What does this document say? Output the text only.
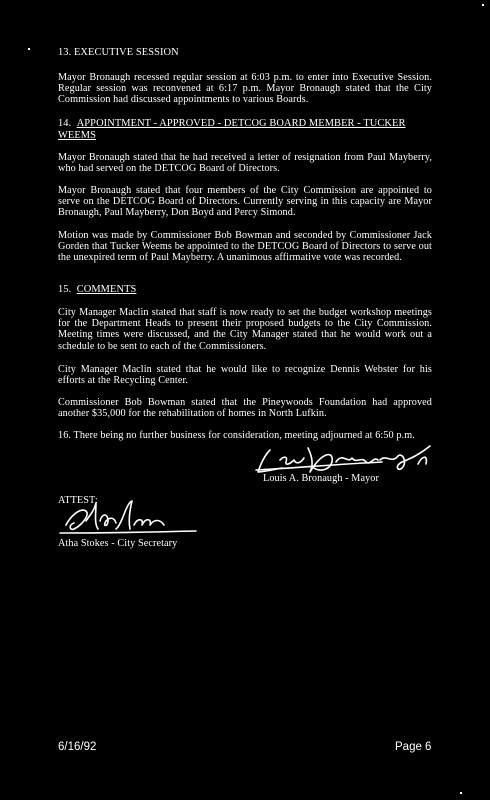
13. EXECUTIVE SESSION
Mayor Bronaugh recessed regular session at 6:03 p.m. to enter into Executive Session. Regular session was reconvened at 6:17 p.m. Mayor Bronaugh stated that the City Commission had discussed appointments to various Boards.
14. APPOINTMENT - APPROVED - DETCOG BOARD MEMBER - TUCKER WEEMS
Mayor Bronaugh stated that he had received a letter of resignation from Paul Mayberry, who had served on the DETCOG Board of Directors.
Mayor Bronaugh stated that four members of the City Commission are appointed to serve on the DETCOG Board of Directors. Currently serving in this capacity are Mayor Bronaugh, Paul Mayberry, Don Boyd and Percy Simond.
Motion was made by Commissioner Bob Bowman and seconded by Commissioner Jack Gorden that Tucker Weems be appointed to the DETCOG Board of Directors to serve out the unexpired term of Paul Mayberry. A unanimous affirmative vote was recorded.
15. COMMENTS
City Manager Maclin stated that staff is now ready to set the budget workshop meetings for the Department Heads to present their proposed budgets to the City Commission. Meeting times were discussed, and the City Manager stated that he would work out a schedule to be sent to each of the Commissioners.
City Manager Maclin stated that he would like to recognize Dennis Webster for his efforts at the Recycling Center.
Commissioner Bob Bowman stated that the Pineywoods Foundation had approved another $35,000 for the rehabilitation of homes in North Lufkin.
16. There being no further business for consideration, meeting adjourned at 6:50 p.m.
Louis A. Bronaugh - Mayor
ATTEST:
Atha Stokes - City Secretary
6/16/92	Page 6
